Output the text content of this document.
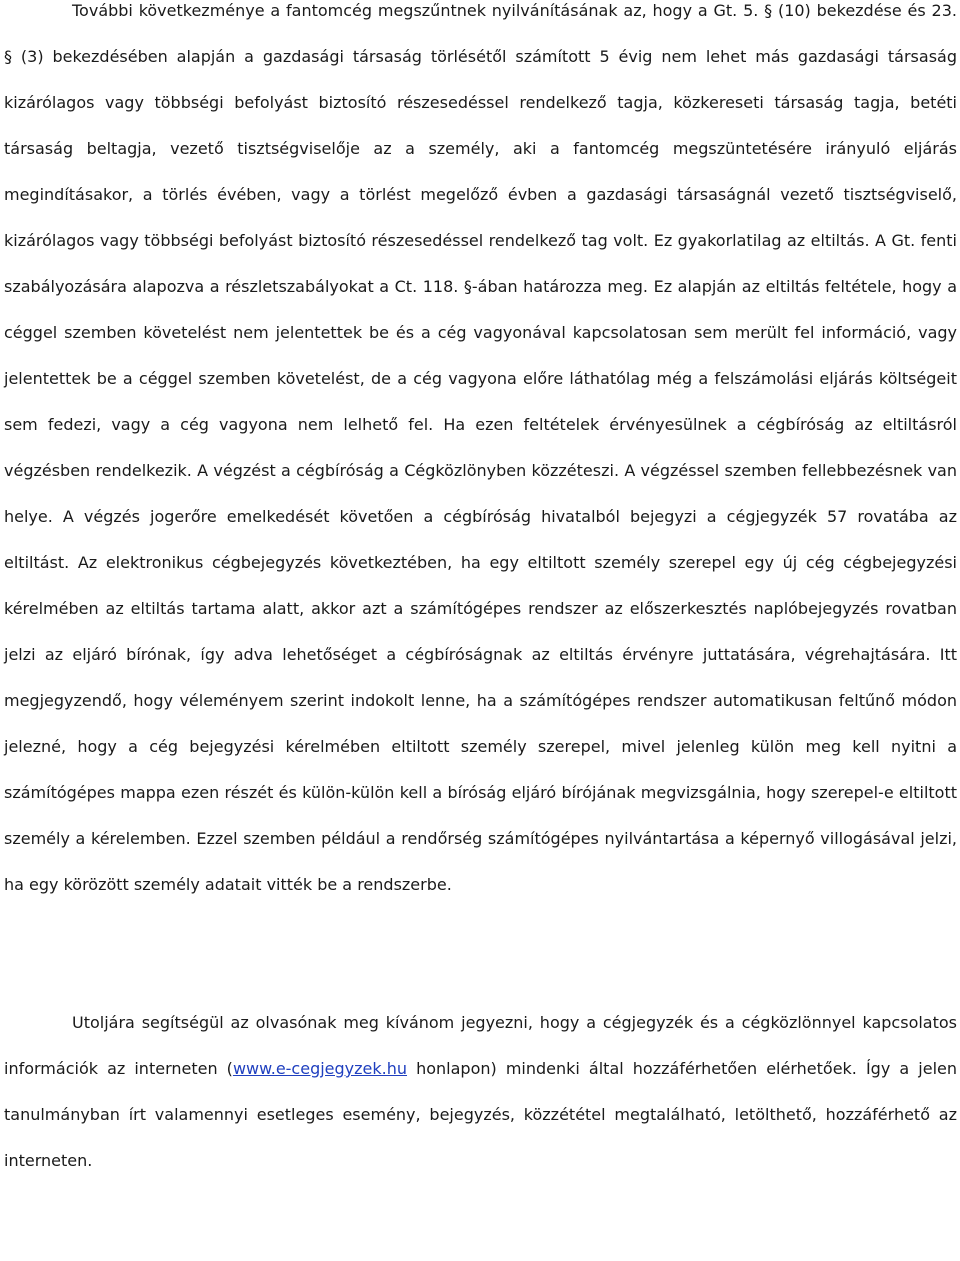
További következménye a fantomcég megszűntnek nyilvánításának az, hogy a Gt. 5. § (10) bekezdése és 23. § (3) bekezdésében alapján a gazdasági társaság törlésétől számított 5 évig nem lehet más gazdasági társaság kizárólagos vagy többségi befolyást biztosító részesedéssel rendelkező tagja, közkereseti társaság tagja, betéti társaság beltagja, vezető tisztségviselője az a személy, aki a fantomcég megszüntetésére irányuló eljárás megindításakor, a törlés évében, vagy a törlést megelőző évben a gazdasági társaságnál vezető tisztségviselő, kizárólagos vagy többségi befolyást biztosító részesedéssel rendelkező tag volt. Ez gyakorlatilag az eltiltás. A Gt. fenti szabályozására alapozva a részletszabályokat a Ct. 118. §-ában határozza meg. Ez alapján az eltiltás feltétele, hogy a céggel szemben követelést nem jelentettek be és a cég vagyonával kapcsolatosan sem merült fel információ, vagy jelentettek be a céggel szemben követelést, de a cég vagyona előre láthatólag még a felszámolási eljárás költségeit sem fedezi, vagy a cég vagyona nem lelhető fel. Ha ezen feltételek érvényesülnek a cégbíróság az eltiltásról végzésben rendelkezik. A végzést a cégbíróság a Cégközlönyben közzéteszi. A végzéssel szemben fellebbezésnek van helye. A végzés jogerőre emelkedését követően a cégbíróság hivatalból bejegyzi a cégjegyzék 57 rovatába az eltiltást. Az elektronikus cégbejegyzés következtében, ha egy eltiltott személy szerepel egy új cég cégbejegyzési kérelmében az eltiltás tartama alatt, akkor azt a számítógépes rendszer az előszerkesztés naplóbejegyzés rovatban jelzi az eljáró bírónak, így adva lehetőséget a cégbíróságnak az eltiltás érvényre juttatására, végrehajtására. Itt megjegyzendő, hogy véleményem szerint indokolt lenne, ha a számítógépes rendszer automatikusan feltűnő módon jelezné, hogy a cég bejegyzési kérelmében eltiltott személy szerepel, mivel jelenleg külön meg kell nyitni a számítógépes mappa ezen részét és külön-külön kell a bíróság eljáró bírójának megvizsgálnia, hogy szerepel-e eltiltott személy a kérelemben. Ezzel szemben például a rendőrség számítógépes nyilvántartása a képernyő villogásával jelzi, ha egy körözött személy adatait vitték be a rendszerbe.

Utoljára segítségül az olvasónak meg kívánom jegyezni, hogy a cégjegyzék és a cégközlönnyel kapcsolatos információk az interneten (www.e-cegjegyzek.hu honlapon) mindenki által hozzáférhetően elérhetőek. Így a jelen tanulmányban írt valamennyi esetleges esemény, bejegyzés, közzététel megtalálható, letölthető, hozzáférhető az interneten.
